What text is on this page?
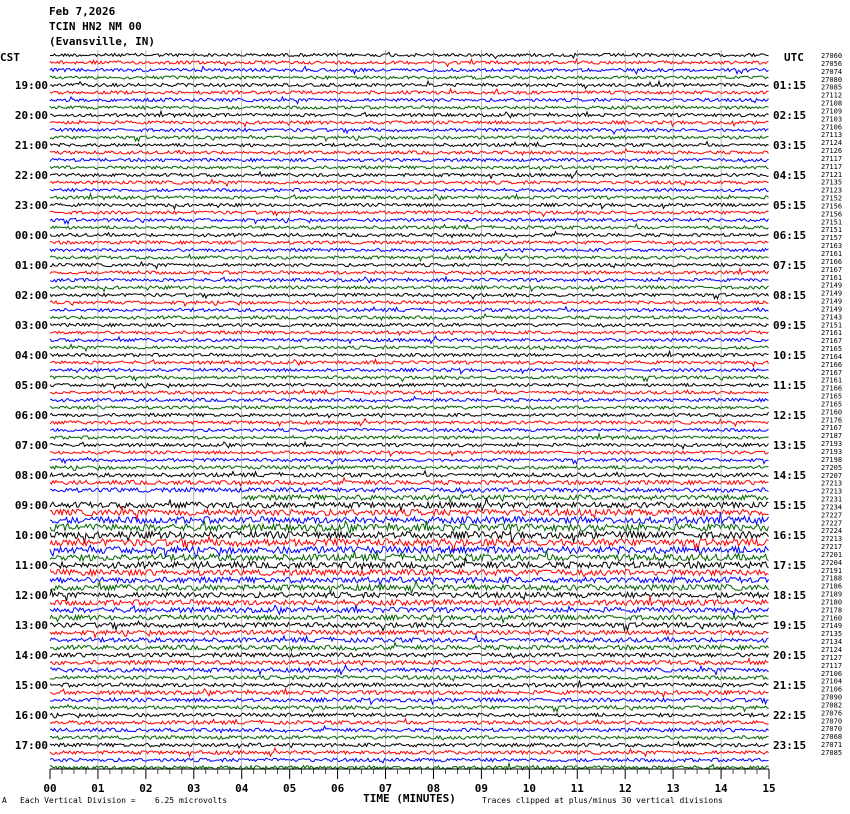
Feb 7,2026
TCIN HN2 NM 00
(Evansville, IN)
00	01	02	03	04	05	06	07	08	09	10	11	12	13	14	15
TIME (MINUTES)
CST	UTC
19:00	01:15
20:00	02:15
21:00	03:15
22:00	04:15
23:00	05:15
00:00	06:15
01:00	07:15
02:00	08:15
03:00	09:15
04:00	10:15
05:00	11:15
06:00	12:15
07:00	13:15
08:00	14:15
09:00	15:15
10:00	16:15
11:00	17:15
12:00	18:15
13:00	19:15
14:00	20:15
15:00	21:15
16:00	22:15
17:00	23:15
27060
27056
27074
27080
27085
27112
27108
27109
27103
27106
27113
27124
27126
27117
27117
27121
27135
27123
27152
27156
27156
27151
27151
27157
27163
27161
27166
27167
27161
27149
27149
27149
27149
27143
27151
27161
27167
27165
27164
27166
27167
27161
27166
27165
27165
27160
27176
27167
27187
27193
27193
27198
27205
27207
27213
27213
27231
27234
27227
27227
27224
27213
27217
27201
27204
27191
27188
27186
27189
27180
27178
27160
27149
27135
27134
27124
27127
27117
27106
27104
27106
27090
27082
27076
27070
27070
27068
27071
27085
A Each Vertical Division =    6.25 microvolts	Traces clipped at plus/minus 30 vertical divisions
